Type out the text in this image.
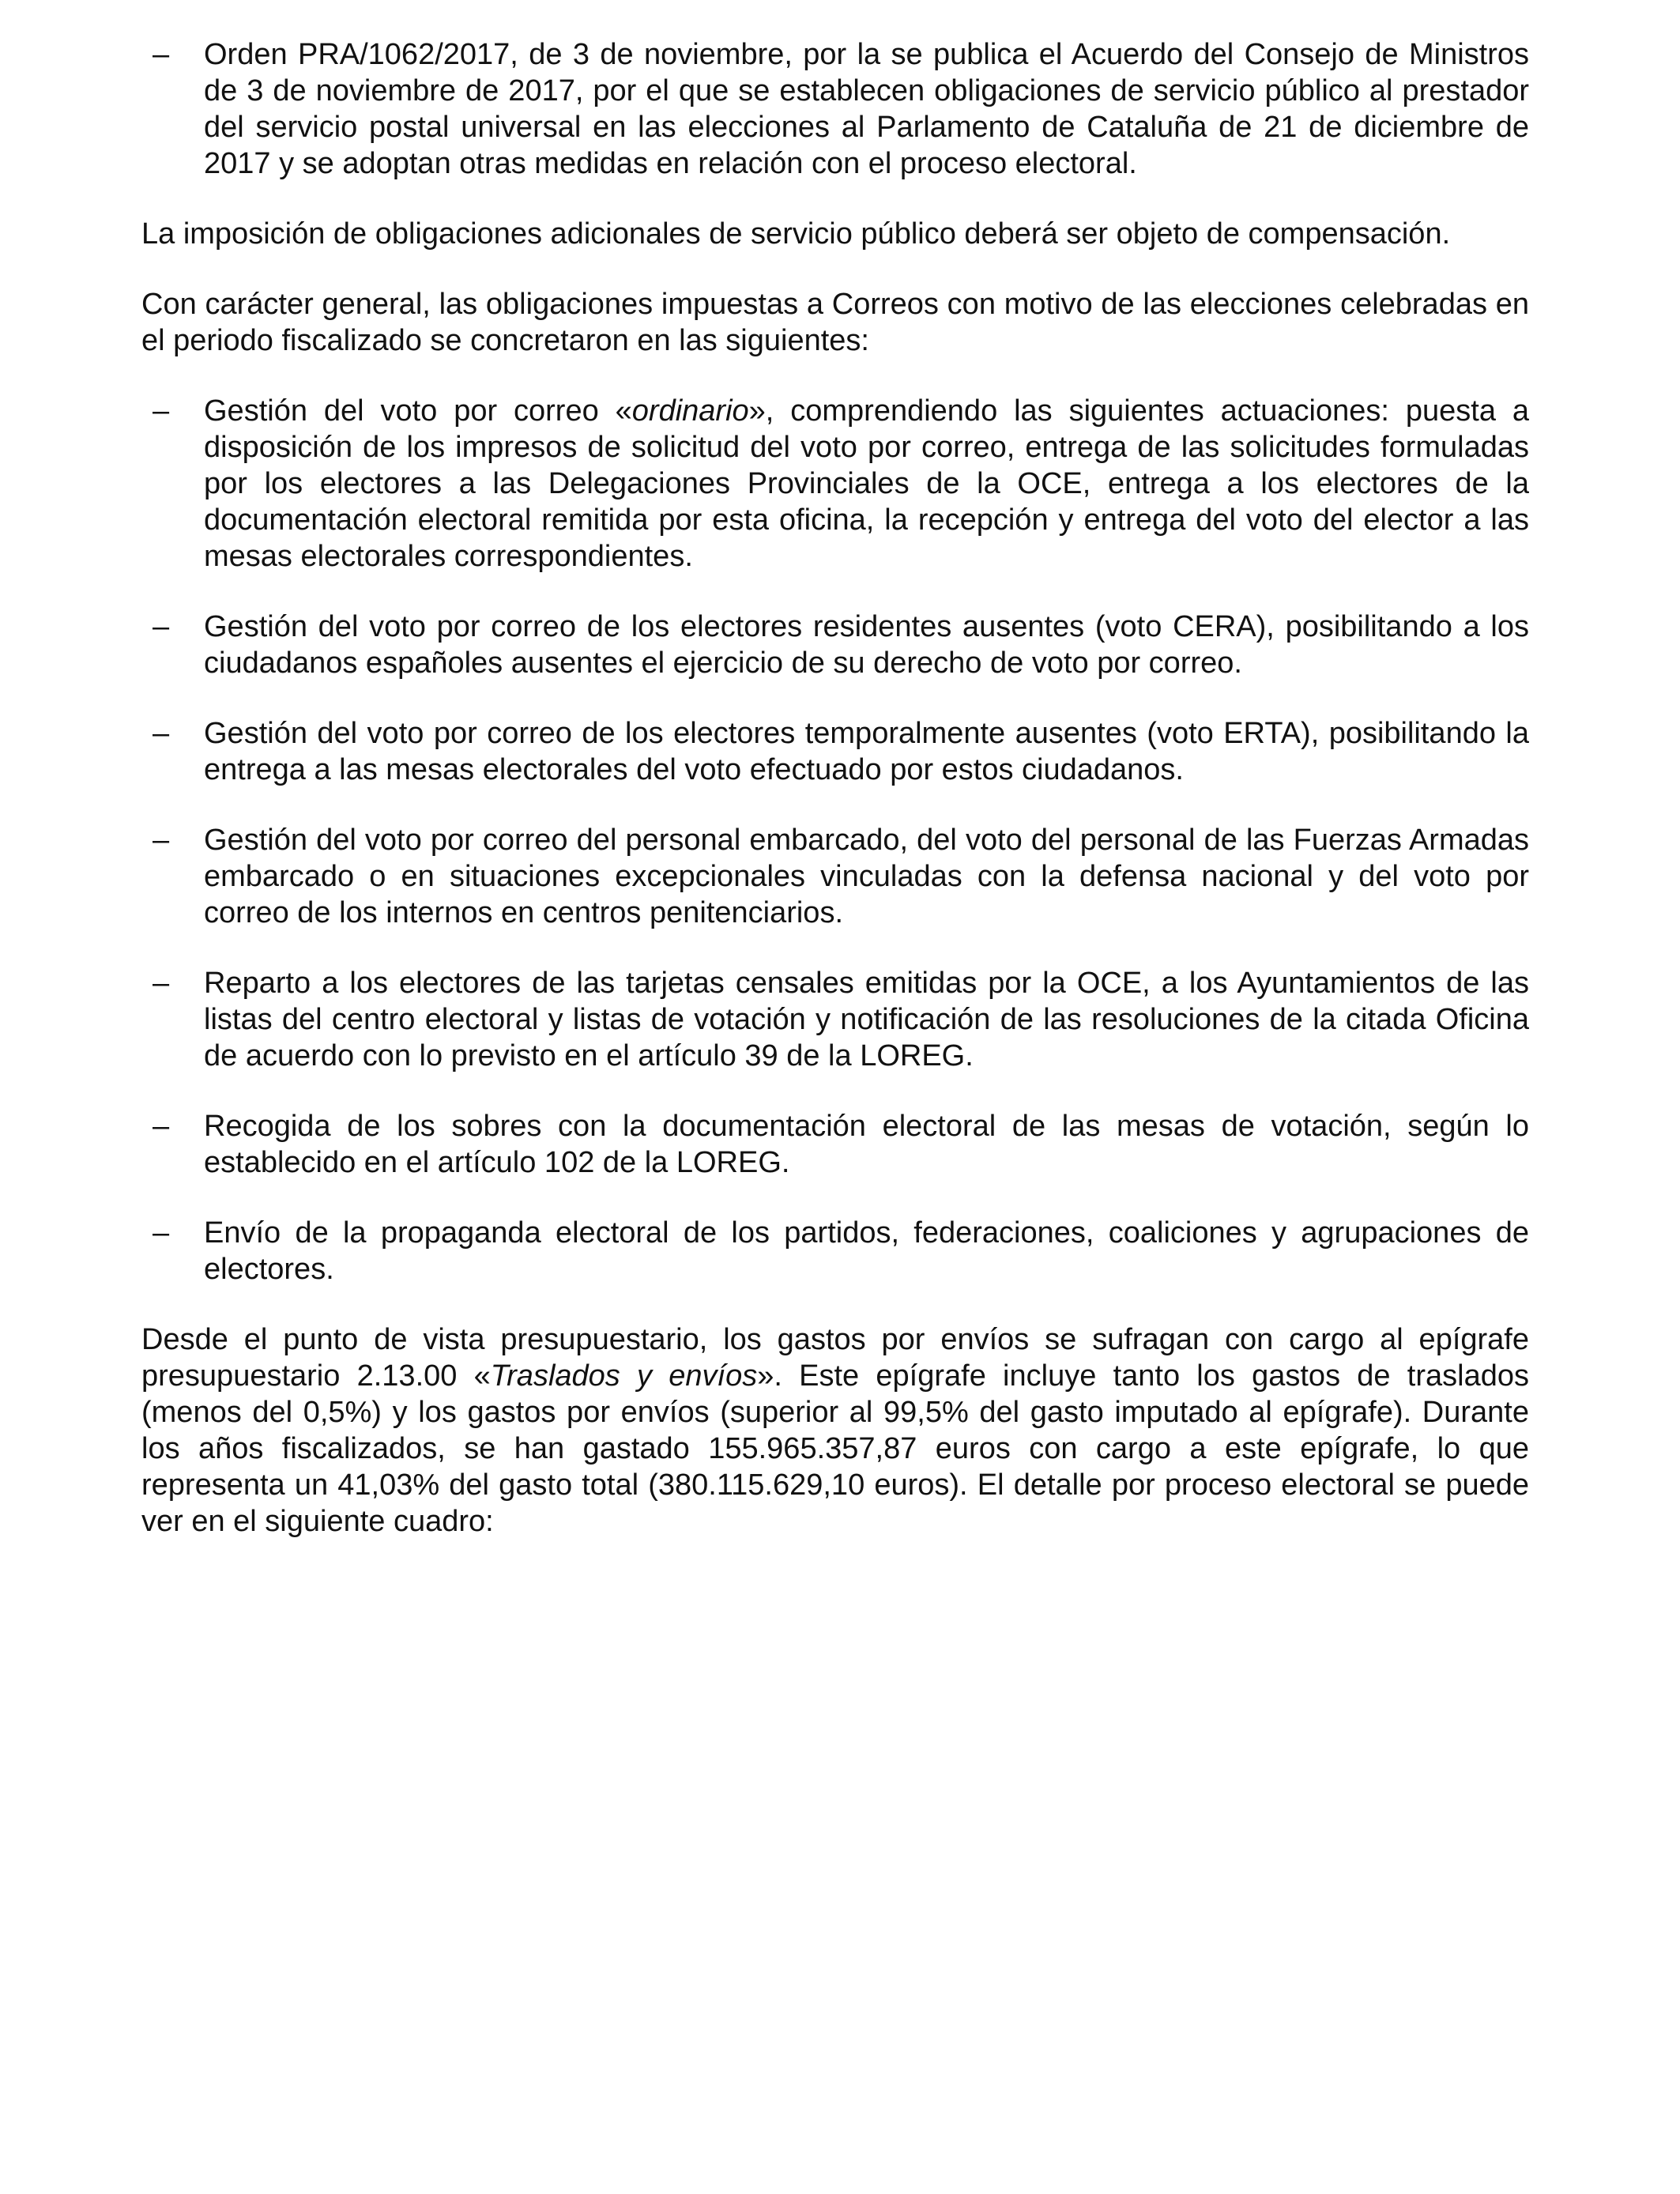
– Orden PRA/1062/2017, de 3 de noviembre, por la se publica el Acuerdo del Consejo de Ministros de 3 de noviembre de 2017, por el que se establecen obligaciones de servicio público al prestador del servicio postal universal en las elecciones al Parlamento de Cataluña de 21 de diciembre de 2017 y se adoptan otras medidas en relación con el proceso electoral.

La imposición de obligaciones adicionales de servicio público deberá ser objeto de compensación.

Con carácter general, las obligaciones impuestas a Correos con motivo de las elecciones celebradas en el periodo fiscalizado se concretaron en las siguientes:

– Gestión del voto por correo «ordinario», comprendiendo las siguientes actuaciones: puesta a disposición de los impresos de solicitud del voto por correo, entrega de las solicitudes formuladas por los electores a las Delegaciones Provinciales de la OCE, entrega a los electores de la documentación electoral remitida por esta oficina, la recepción y entrega del voto del elector a las mesas electorales correspondientes.
– Gestión del voto por correo de los electores residentes ausentes (voto CERA), posibilitando a los ciudadanos españoles ausentes el ejercicio de su derecho de voto por correo.
– Gestión del voto por correo de los electores temporalmente ausentes (voto ERTA), posibilitando la entrega a las mesas electorales del voto efectuado por estos ciudadanos.
– Gestión del voto por correo del personal embarcado, del voto del personal de las Fuerzas Armadas embarcado o en situaciones excepcionales vinculadas con la defensa nacional y del voto por correo de los internos en centros penitenciarios.
– Reparto a los electores de las tarjetas censales emitidas por la OCE, a los Ayuntamientos de las listas del centro electoral y listas de votación y notificación de las resoluciones de la citada Oficina de acuerdo con lo previsto en el artículo 39 de la LOREG.
– Recogida de los sobres con la documentación electoral de las mesas de votación, según lo establecido en el artículo 102 de la LOREG.
– Envío de la propaganda electoral de los partidos, federaciones, coaliciones y agrupaciones de electores.

Desde el punto de vista presupuestario, los gastos por envíos se sufragan con cargo al epígrafe presupuestario 2.13.00 «Traslados y envíos». Este epígrafe incluye tanto los gastos de traslados (menos del 0,5%) y los gastos por envíos (superior al 99,5% del gasto imputado al epígrafe). Durante los años fiscalizados, se han gastado 155.965.357,87 euros con cargo a este epígrafe, lo que representa un 41,03% del gasto total (380.115.629,10 euros). El detalle por proceso electoral se puede ver en el siguiente cuadro:
